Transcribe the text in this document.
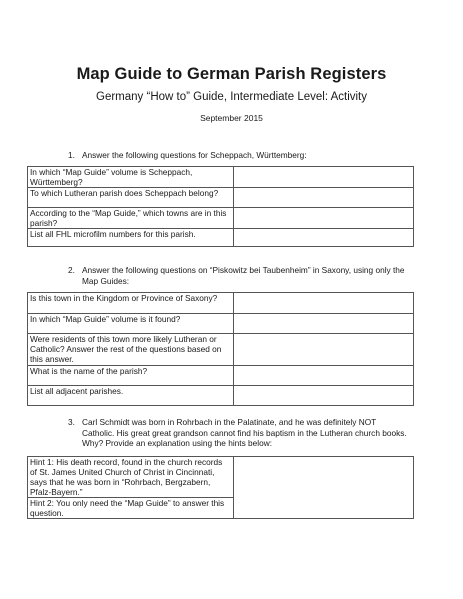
Map Guide to German Parish Registers
Germany “How to” Guide, Intermediate Level: Activity
September 2015
1. Answer the following questions for Scheppach, Württemberg:
In which “Map Guide” volume is Scheppach, Württemberg?	
To which Lutheran parish does Scheppach belong?	
According to the “Map Guide,” which towns are in this parish?	
List all FHL microfilm numbers for this parish.	
2. Answer the following questions on “Piskowitz bei Taubenheim” in Saxony, using only the Map Guides:
Is this town in the Kingdom or Province of Saxony?	
In which “Map Guide” volume is it found?	
Were residents of this town more likely Lutheran or Catholic? Answer the rest of the questions based on this answer.	
What is the name of the parish?	
List all adjacent parishes.	
3. Carl Schmidt was born in Rohrbach in the Palatinate, and he was definitely NOT Catholic. His great great grandson cannot find his baptism in the Lutheran church books. Why? Provide an explanation using the hints below:
Hint 1: His death record, found in the church records of St. James United Church of Christ in Cincinnati, says that he was born in “Rohrbach, Bergzabern, Pfalz-Bayern.”	
Hint 2: You only need the “Map Guide” to answer this question.
